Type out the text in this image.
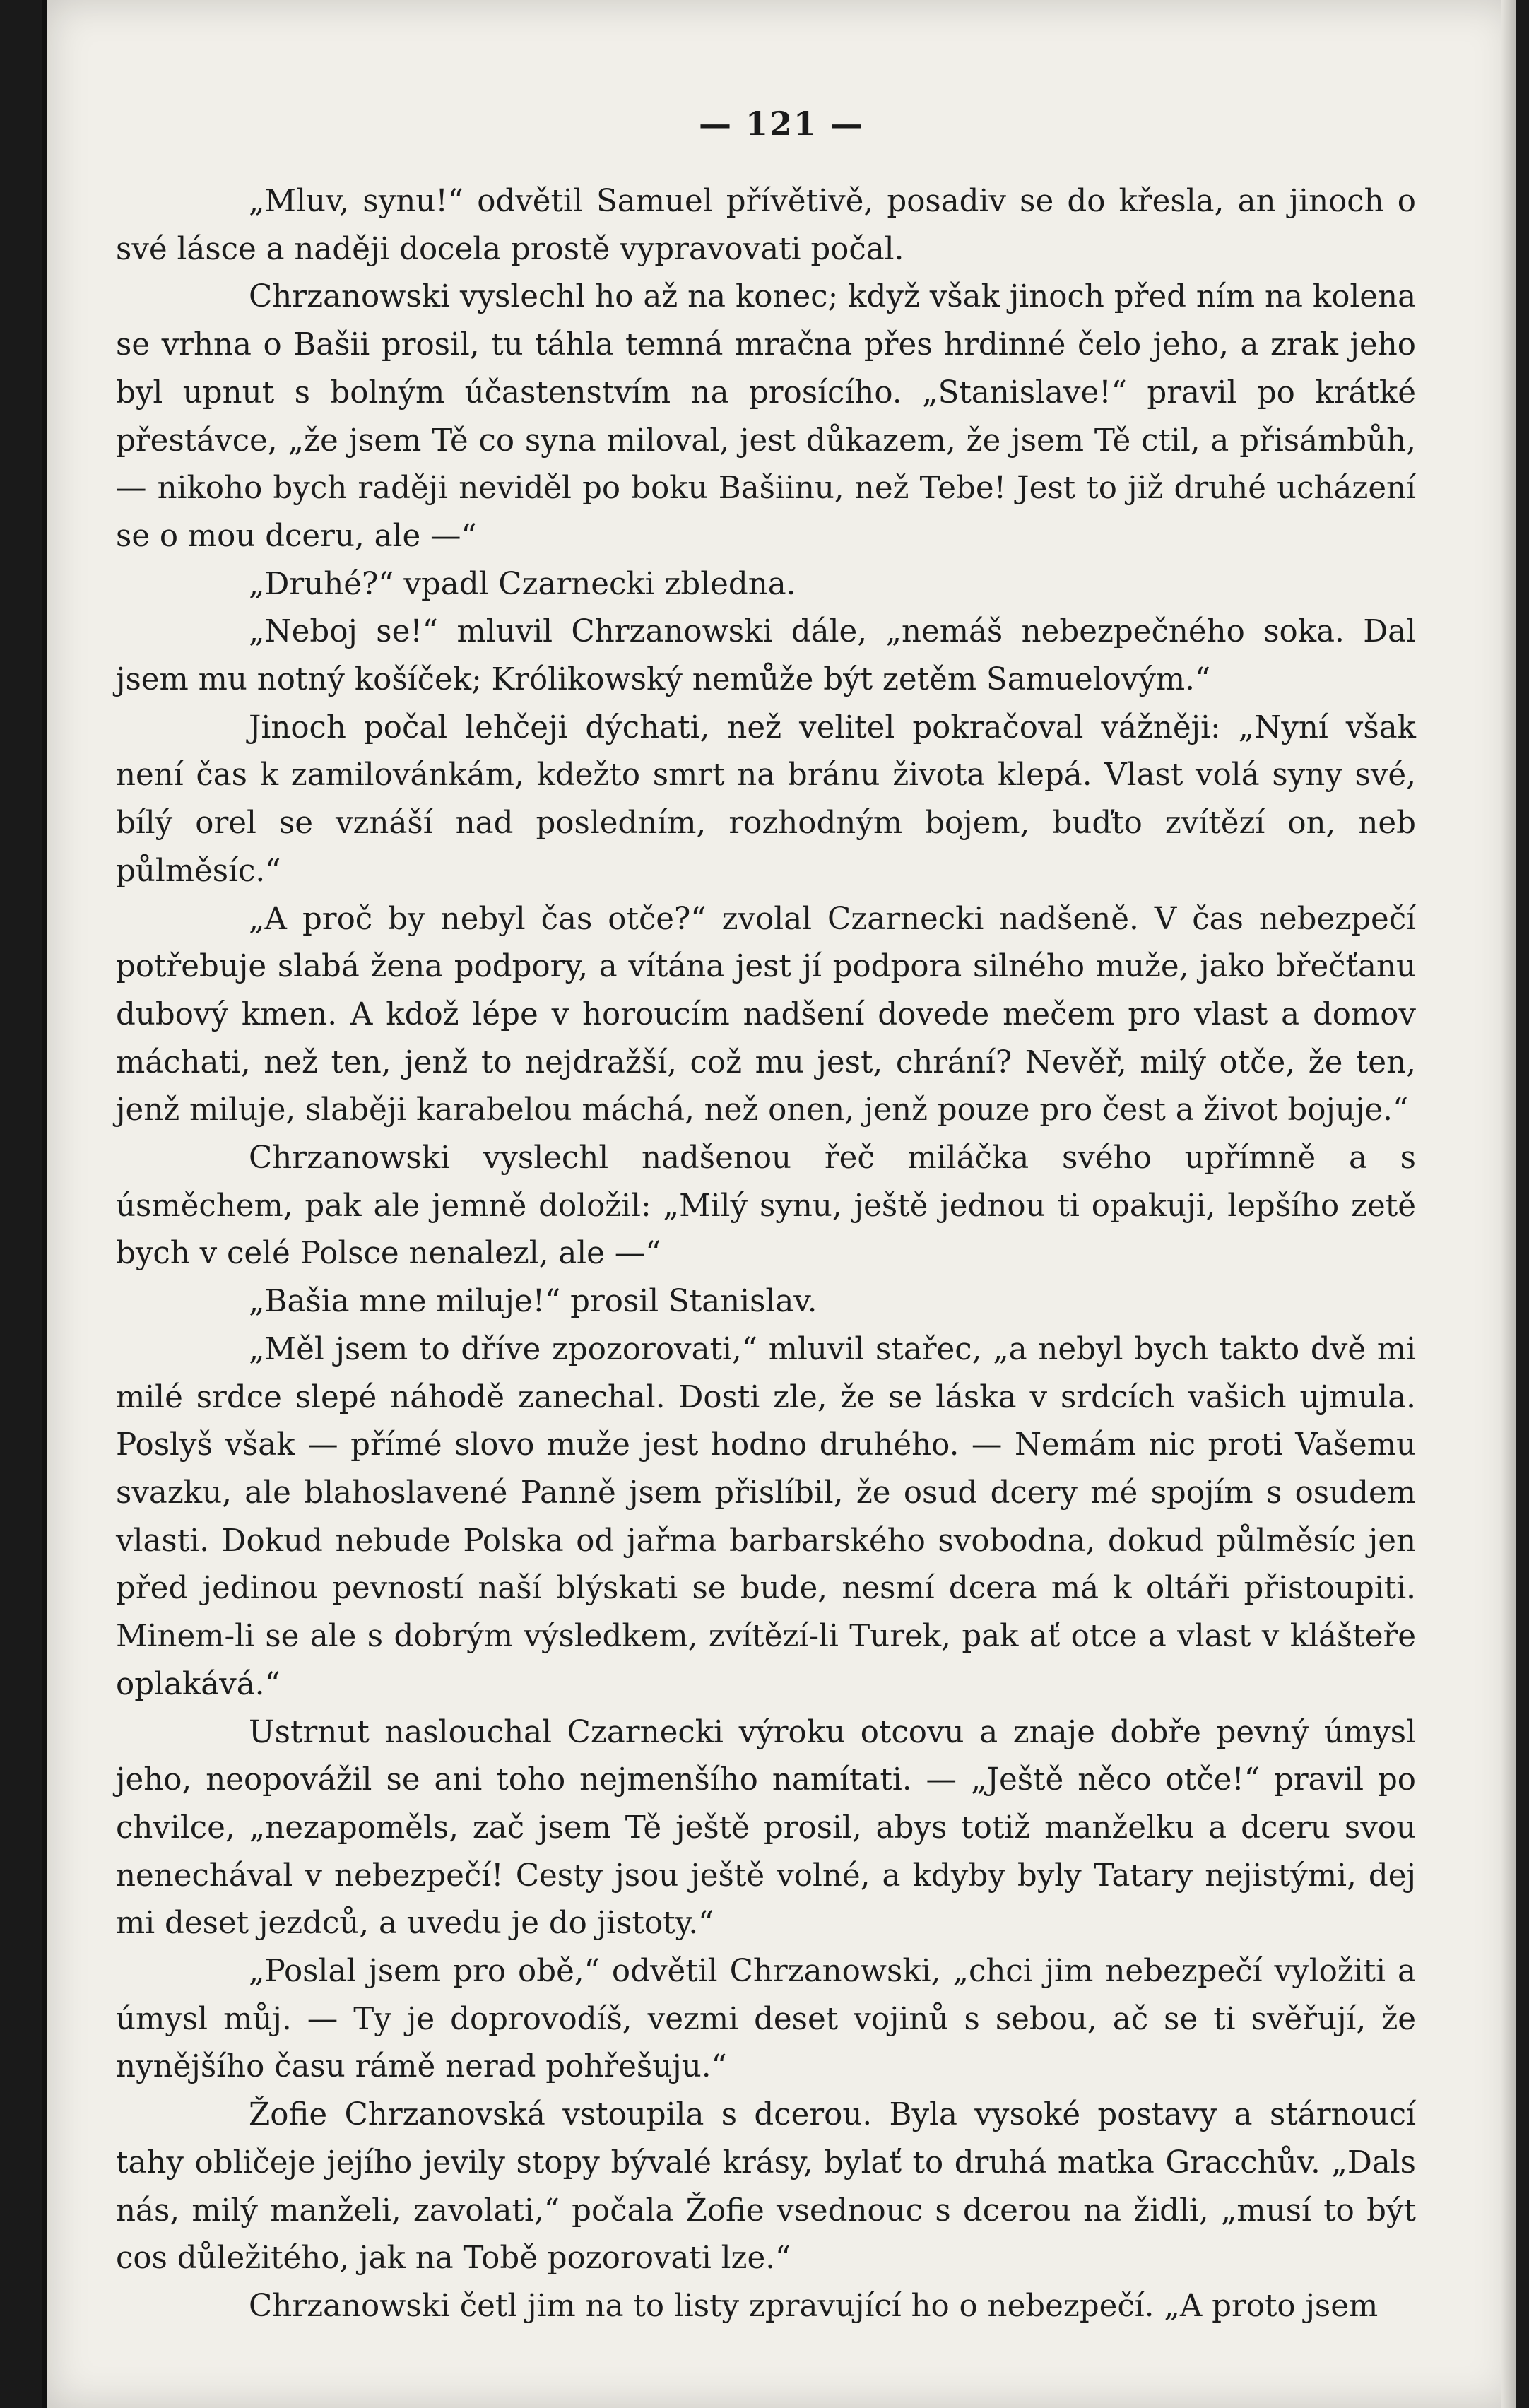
— 121 —

„Mluv, synu!“ odvětil Samuel přívětivě, posadiv se do křesla, an jinoch o své lásce a naději docela prostě vypravovati počal.

Chrzanowski vyslechl ho až na konec; když však jinoch před ním na kolena se vrhna o Bašii prosil, tu táhla temná mračna přes hrdinné čelo jeho, a zrak jeho byl upnut s bolným účastenstvím na prosícího. „Stanislave!“ pravil po krátké přestávce, „že jsem Tě co syna miloval, jest důkazem, že jsem Tě ctil, a přisámbůh, — nikoho bych raději neviděl po boku Bašiinu, než Tebe! Jest to již druhé ucházení se o mou dceru, ale —“

„Druhé?“ vpadl Czarnecki zbledna.

„Neboj se!“ mluvil Chrzanowski dále, „nemáš nebezpečného soka. Dal jsem mu notný košíček; Królikowský nemůže být zetěm Samuelovým.“

Jinoch počal lehčeji dýchati, než velitel pokračoval vážněji: „Nyní však není čas k zamilovánkám, kdežto smrt na bránu života klepá. Vlast volá syny své, bílý orel se vznáší nad posledním, rozhodným bojem, buďto zvítězí on, neb půlměsíc.“

„A proč by nebyl čas otče?“ zvolal Czarnecki nadšeně. V čas nebezpečí potřebuje slabá žena podpory, a vítána jest jí podpora silného muže, jako břečťanu dubový kmen. A kdož lépe v horoucím nadšení dovede mečem pro vlast a domov máchati, než ten, jenž to nejdražší, což mu jest, chrání? Nevěř, milý otče, že ten, jenž miluje, slaběji karabelou máchá, než onen, jenž pouze pro čest a život bojuje.“

Chrzanowski vyslechl nadšenou řeč miláčka svého upřímně a s úsměchem, pak ale jemně doložil: „Milý synu, ještě jednou ti opakuji, lepšího zetě bych v celé Polsce nenalezl, ale —“

„Bašia mne miluje!“ prosil Stanislav.

„Měl jsem to dříve zpozorovati,“ mluvil stařec, „a nebyl bych takto dvě mi milé srdce slepé náhodě zanechal. Dosti zle, že se láska v srdcích vašich ujmula. Poslyš však — přímé slovo muže jest hodno druhého. — Nemám nic proti Vašemu svazku, ale blahoslavené Panně jsem přislíbil, že osud dcery mé spojím s osudem vlasti. Dokud nebude Polska od jařma barbarského svobodna, dokud půlměsíc jen před jedinou pevností naší blýskati se bude, nesmí dcera má k oltáři přistoupiti. Minem-li se ale s dobrým výsledkem, zvítězí-li Turek, pak ať otce a vlast v klášteře oplakává.“

Ustrnut naslouchal Czarnecki výroku otcovu a znaje dobře pevný úmysl jeho, neopovážil se ani toho nejmenšího namítati. — „Ještě něco otče!“ pravil po chvilce, „nezapoměls, zač jsem Tě ještě prosil, abys totiž manželku a dceru svou nenechával v nebezpečí! Cesty jsou ještě volné, a kdyby byly Tatary nejistými, dej mi deset jezdců, a uvedu je do jistoty.“

„Poslal jsem pro obě,“ odvětil Chrzanowski, „chci jim nebezpečí vyložiti a úmysl můj. — Ty je doprovodíš, vezmi deset vojinů s sebou, ač se ti svěřují, že nynějšího času rámě nerad pohřešuju.“

Žofie Chrzanovská vstoupila s dcerou. Byla vysoké postavy a stárnoucí tahy obličeje jejího jevily stopy bývalé krásy, bylať to druhá matka Gracchův. „Dals nás, milý manželi, zavolati,“ počala Žofie vsednouc s dcerou na židli, „musí to být cos důležitého, jak na Tobě pozorovati lze.“

Chrzanowski četl jim na to listy zpravující ho o nebezpečí. „A proto jsem
